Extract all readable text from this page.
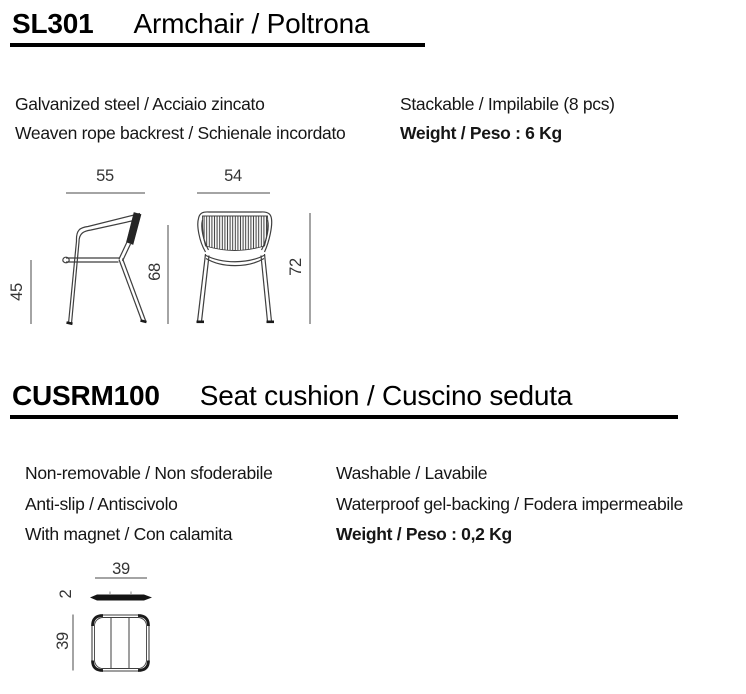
SL301 Armchair / Poltrona
Galvanized steel / Acciaio zincato
Weaven rope backrest / Schienale incordato
Stackable / Impilabile (8 pcs)
Weight / Peso : 6 Kg
55	54
45
68	72
CUSRM100 Seat cushion / Cuscino seduta
Non-removable / Non sfoderabile
Anti-slip / Antiscivolo
With magnet / Con calamita
Washable / Lavabile
Waterproof gel-backing / Fodera impermeabile
Weight / Peso : 0,2 Kg
39
2
39
